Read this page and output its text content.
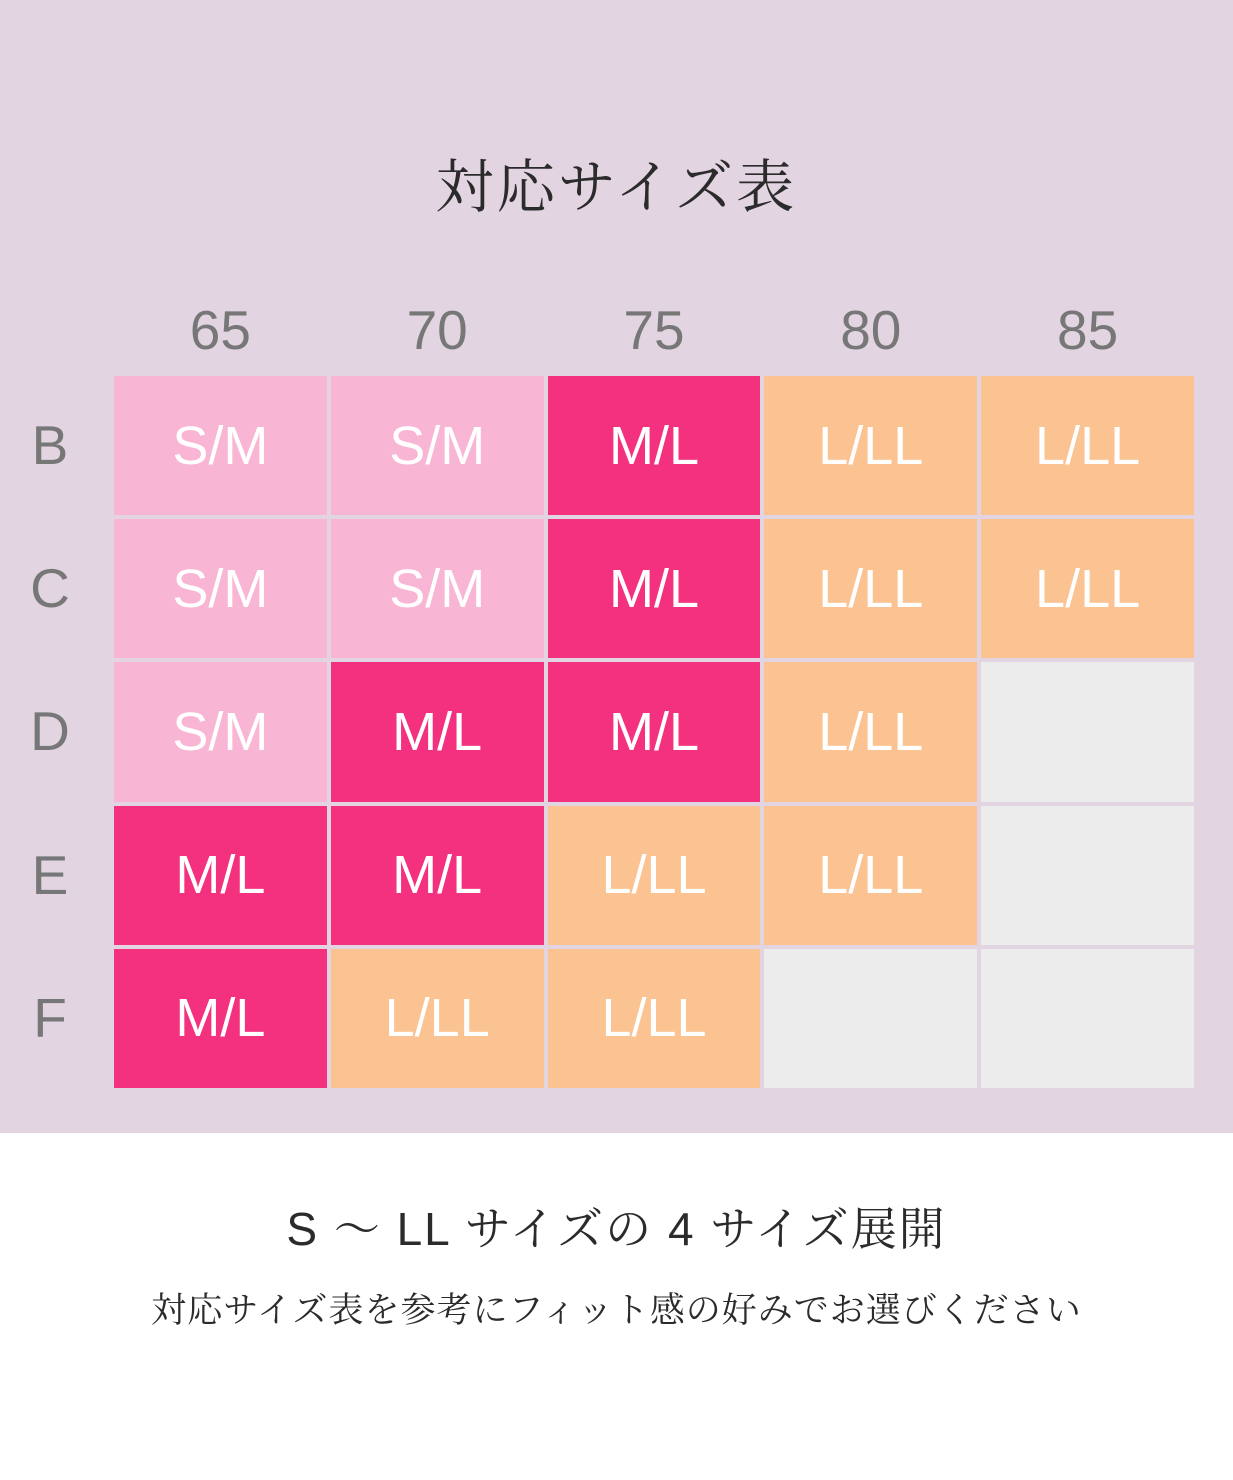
対応サイズ表
65	70	75	80	85
B	S/M	S/M	M/L	L/LL	L/LL
C	S/M	S/M	M/L	L/LL	L/LL
D	S/M	M/L	M/L	L/LL
E	M/L	M/L	L/LL	L/LL
F	M/L	L/LL	L/LL
S 〜 LL サイズの 4 サイズ展開
対応サイズ表を参考にフィット感の好みでお選びください
